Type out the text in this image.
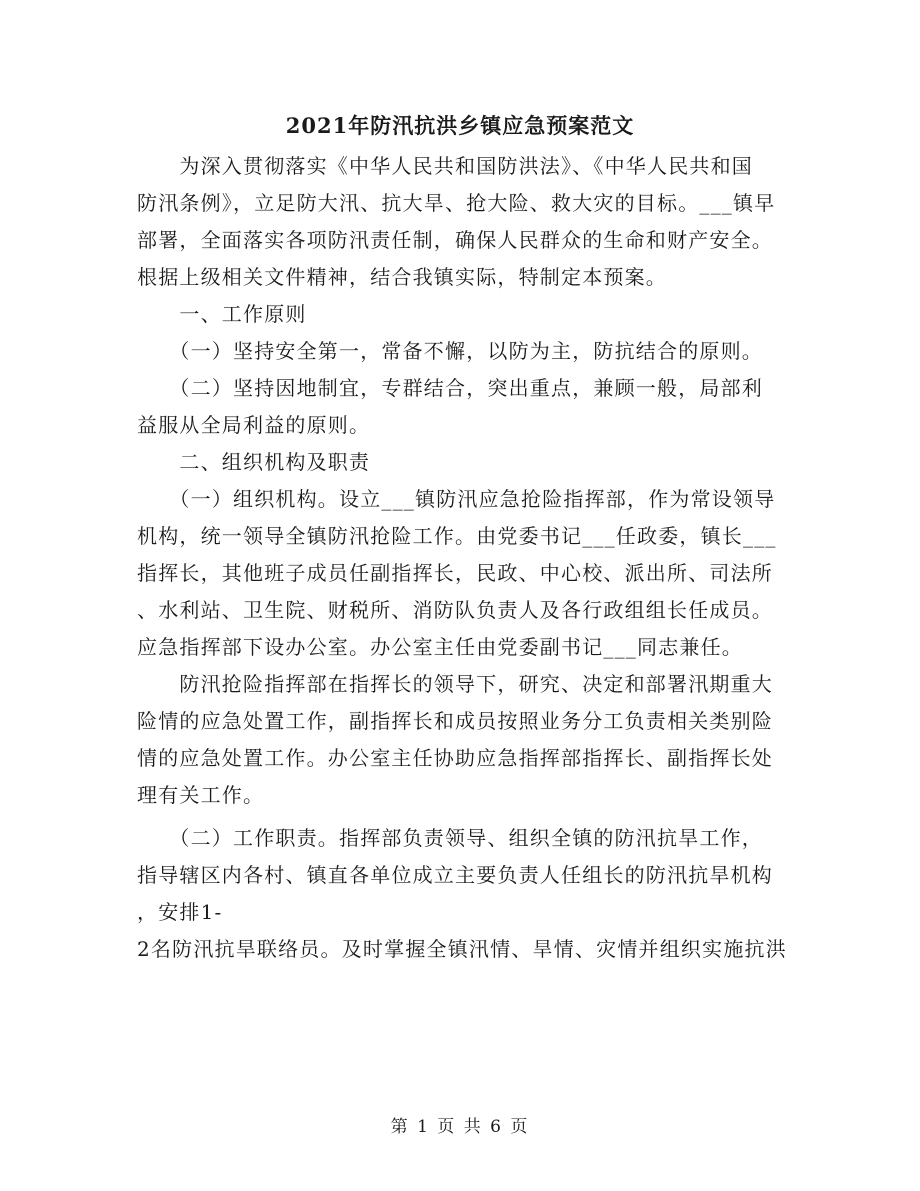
2021年防汛抗洪乡镇应急预案范文
　　为深入贯彻落实《中华人民共和国防洪法》、《中华人民共和国
防汛条例》，立足防大汛、抗大旱、抢大险、救大灾的目标。___镇早
部署，全面落实各项防汛责任制，确保人民群众的生命和财产安全。
根据上级相关文件精神，结合我镇实际，特制定本预案。
　　一、工作原则
　　（一）坚持安全第一，常备不懈，以防为主，防抗结合的原则。
　　（二）坚持因地制宜，专群结合，突出重点，兼顾一般，局部利
益服从全局利益的原则。
　　二、组织机构及职责
　　（一）组织机构。设立___镇防汛应急抢险指挥部，作为常设领导
机构，统一领导全镇防汛抢险工作。由党委书记___任政委，镇长___
指挥长，其他班子成员任副指挥长，民政、中心校、派出所、司法所
、水利站、卫生院、财税所、消防队负责人及各行政组组长任成员。
应急指挥部下设办公室。办公室主任由党委副书记___同志兼任。
　　防汛抢险指挥部在指挥长的领导下，研究、决定和部署汛期重大
险情的应急处置工作，副指挥长和成员按照业务分工负责相关类别险
情的应急处置工作。办公室主任协助应急指挥部指挥长、副指挥长处
理有关工作。
　　（二）工作职责。指挥部负责领导、组织全镇的防汛抗旱工作，
指导辖区内各村、镇直各单位成立主要负责人任组长的防汛抗旱机构
，安排1-
2名防汛抗旱联络员。及时掌握全镇汛情、旱情、灾情并组织实施抗洪
第 1 页 共 6 页
